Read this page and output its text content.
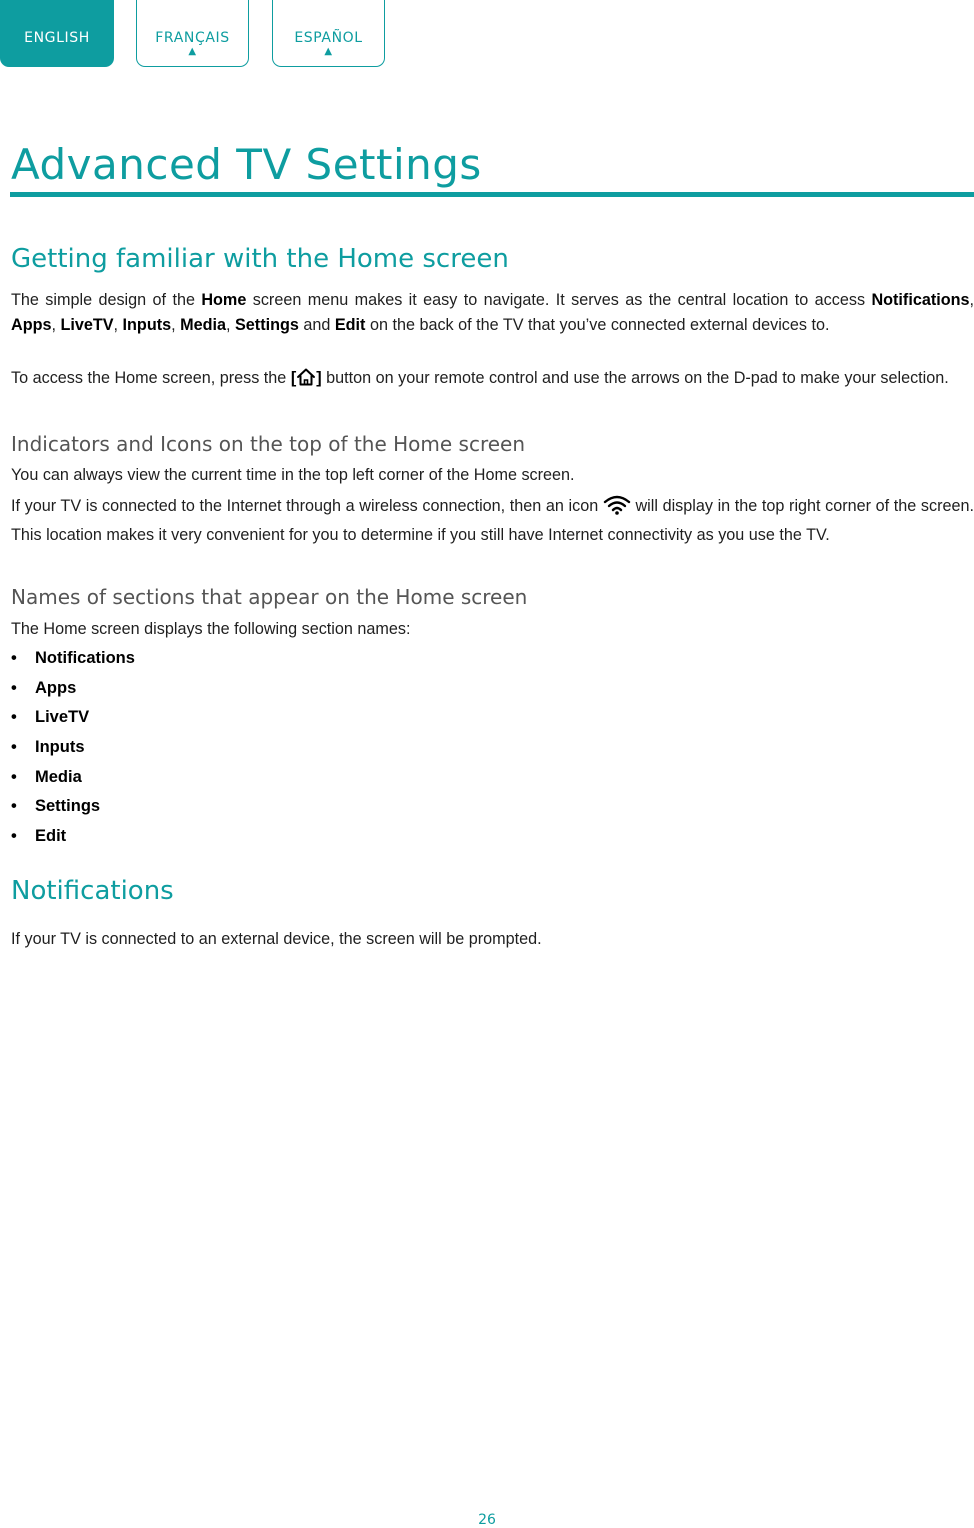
ENGLISH	FRANÇAIS
▲
ESPAÑOL
▲
Advanced TV Settings
Getting familiar with the Home screen

The simple design of the Home screen menu makes it easy to navigate. It serves as the central location to access Notifications, Apps, LiveTV, Inputs, Media, Settings and Edit on the back of the TV that you’ve connected external devices to.

To access the Home screen, press the [ ] button on your remote control and use the arrows on the D-pad to make your selection.

Indicators and Icons on the top of the Home screen

You can always view the current time in the top left corner of the Home screen.

If your TV is connected to the Internet through a wireless connection, then an icon  will display in the top right corner of the screen. This location makes it very convenient for you to determine if you still have Internet connectivity as you use the TV.

Names of sections that appear on the Home screen

The Home screen displays the following section names:

• Notifications
• Apps
• LiveTV
• Inputs
• Media
• Settings
• Edit
Notifications

If your TV is connected to an external device, the screen will be prompted.

26
